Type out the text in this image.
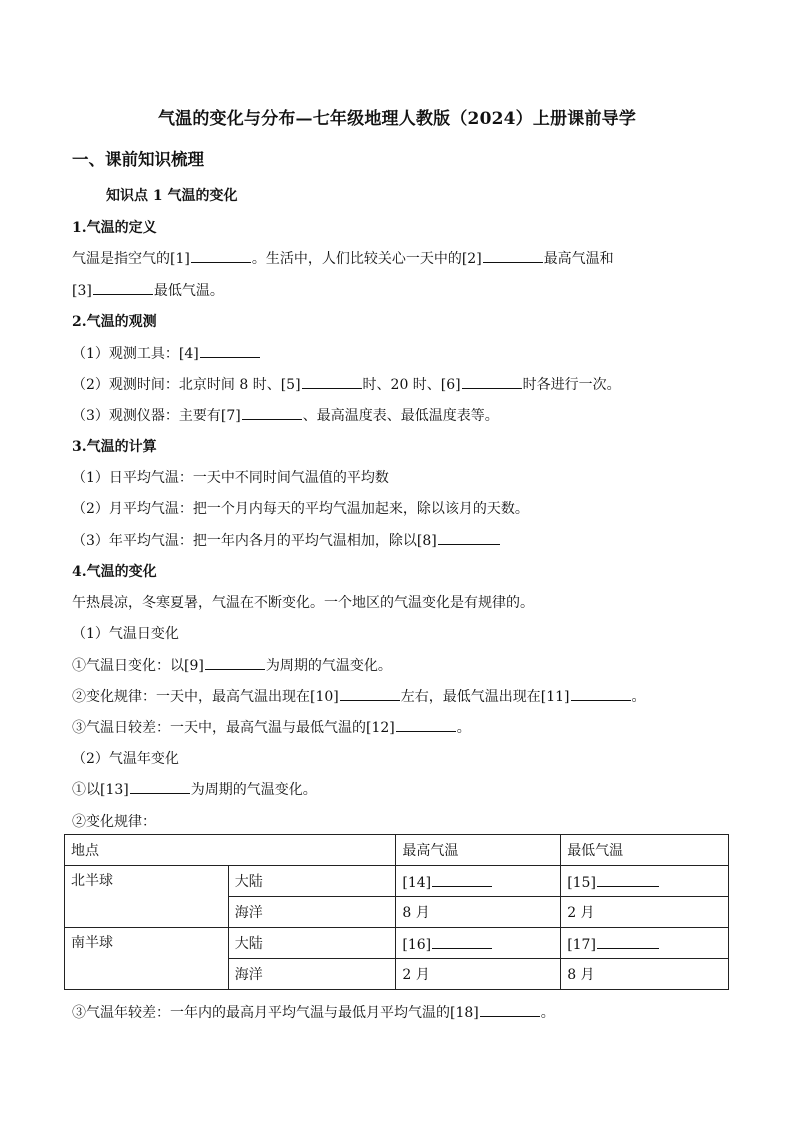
气温的变化与分布—七年级地理人教版（2024）上册课前导学
一、课前知识梳理
知识点 1 气温的变化
1.气温的定义
气温是指空气的[1]	。生活中，人们比较关心一天中的[2]	最高气温和
[3]	最低气温。
2.气温的观测
（1）观测工具：[4]
（2）观测时间：北京时间 8 时、[5]	时、20 时、[6]	时各进行一次。
（3）观测仪器：主要有[7]	、最高温度表、最低温度表等。
3.气温的计算
（1）日平均气温：一天中不同时间气温值的平均数
（2）月平均气温：把一个月内每天的平均气温加起来，除以该月的天数。
（3）年平均气温：把一年内各月的平均气温相加，除以[8]
4.气温的变化
午热晨凉，冬寒夏暑，气温在不断变化。一个地区的气温变化是有规律的。
（1）气温日变化
①气温日变化：以[9]	为周期的气温变化。
②变化规律：一天中，最高气温出现在[10]	左右，最低气温出现在[11]	。
③气温日较差：一天中，最高气温与最低气温的[12]	。
（2）气温年变化
①以[13]	为周期的气温变化。
②变化规律：
地点		最高气温	最低气温
北半球	大陆	[14]	[15]
	海洋	8 月	2 月
南半球	大陆	[16]	[17]
	海洋	2 月	8 月
③气温年较差：一年内的最高月平均气温与最低月平均气温的[18]	。
